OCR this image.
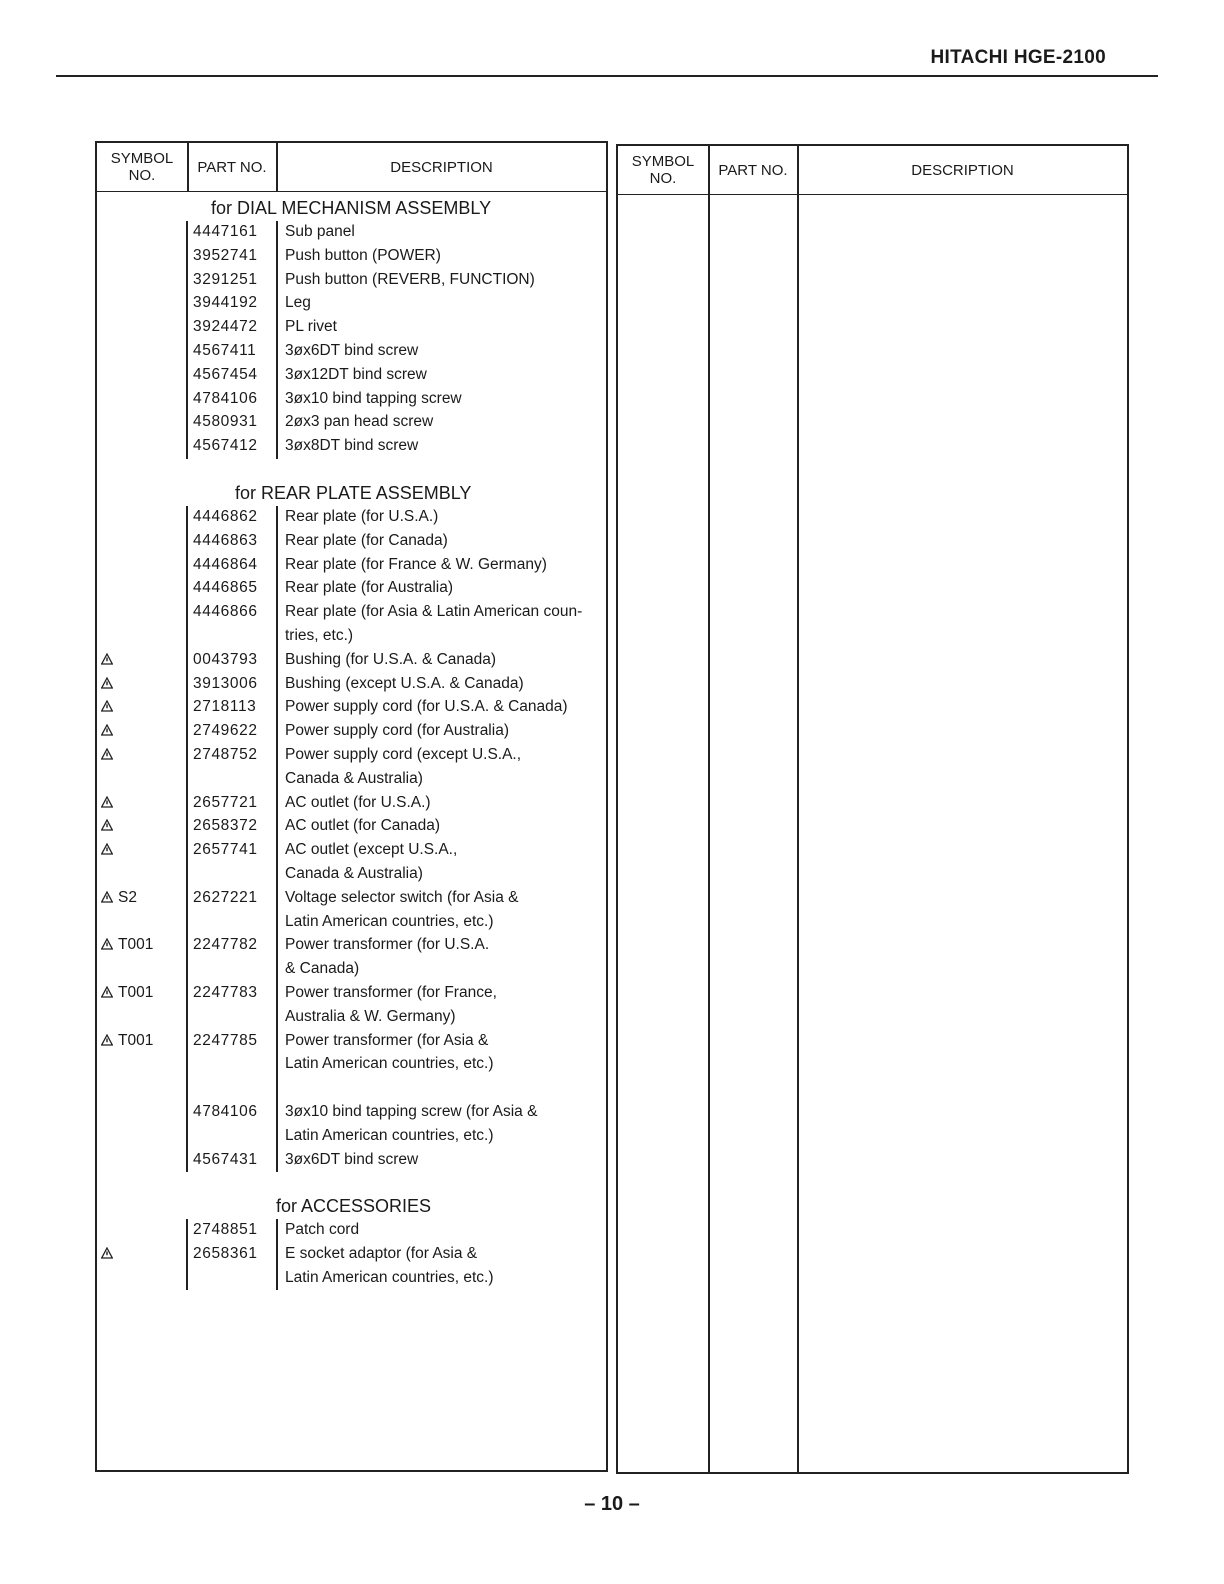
HITACHI HGE-2100
SYMBOL
NO.	PART NO.	DESCRIPTION
for DIAL MECHANISM ASSEMBLY
4447161	Sub panel
3952741	Push button (POWER)
3291251	Push button (REVERB, FUNCTION)
3944192	Leg
3924472	PL rivet
4567411	3øx6DT bind screw
4567454	3øx12DT bind screw
4784106	3øx10 bind tapping screw
4580931	2øx3 pan head screw
4567412	3øx8DT bind screw
for REAR PLATE ASSEMBLY
4446862	Rear plate (for U.S.A.)
4446863	Rear plate (for Canada)
4446864	Rear plate (for France & W. Germany)
4446865	Rear plate (for Australia)
4446866	Rear plate (for Asia & Latin American coun-
tries, etc.)
0043793	Bushing (for U.S.A. & Canada)
3913006	Bushing (except U.S.A. & Canada)
2718113	Power supply cord (for U.S.A. & Canada)
2749622	Power supply cord (for Australia)
2748752	Power supply cord (except U.S.A.,
Canada & Australia)
2657721	AC outlet (for U.S.A.)
2658372	AC outlet (for Canada)
2657741	AC outlet (except U.S.A.,
Canada & Australia)
S2	2627221	Voltage selector switch (for Asia &
Latin American countries, etc.)
T001	2247782	Power transformer (for U.S.A.
& Canada)
T001	2247783	Power transformer (for France,
Australia & W. Germany)
T001	2247785	Power transformer (for Asia &
Latin American countries, etc.)
4784106	3øx10 bind tapping screw (for Asia &
Latin American countries, etc.)
4567431	3øx6DT bind screw
for ACCESSORIES
2748851	Patch cord
2658361	E socket adaptor (for Asia &
Latin American countries, etc.)
SYMBOL
NO.	PART NO.	DESCRIPTION
– 10 –
